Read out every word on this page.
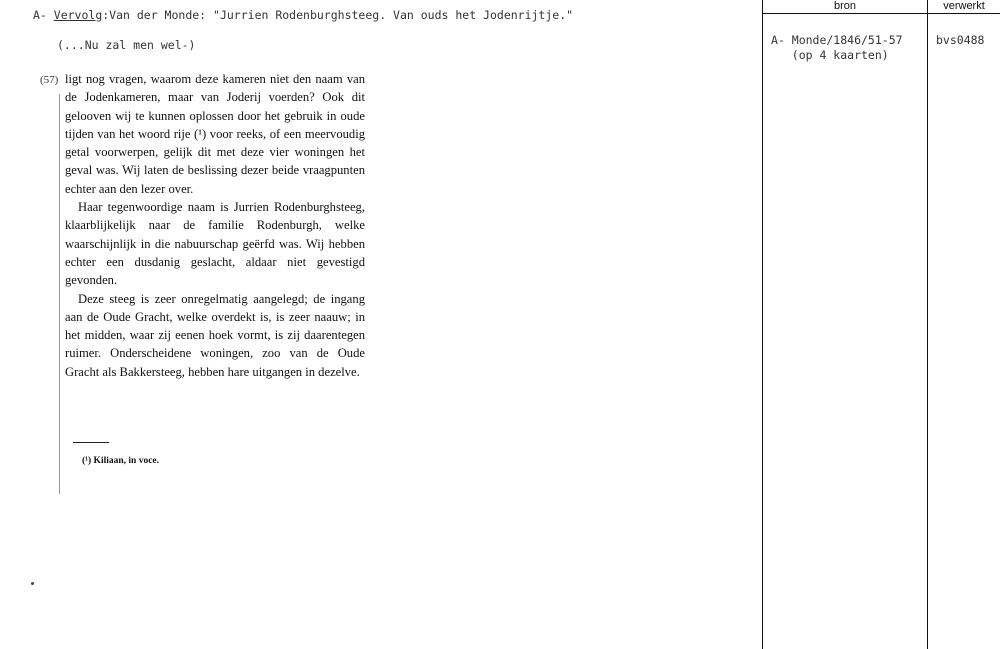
A- Vervolg:Van der Monde: "Jurrien Rodenburghsteeg. Van ouds het Jodenrijtje."
(...Nu zal men wel-)
(57) ligt nog vragen, waarom deze kameren niet den naam van de Jodenkameren, maar van Joderij voerden? Ook dit gelooven wij te kunnen oplossen door het gebruik in oude tijden van het woord rije (¹) voor reeks, of een meervoudig getal voorwerpen, gelijk dit met deze vier woningen het geval was. Wij laten de beslissing dezer beide vraagpunten echter aan den lezer over.

Haar tegenwoordige naam is Jurrien Rodenburghsteeg, klaarblijkelijk naar de familie Rodenburgh, welke waarschijnlijk in die nabuurschap geërfd was. Wij hebben echter een dusdanig geslacht, aldaar niet gevestigd gevonden.

Deze steeg is zeer onregelmatig aangelegd; de ingang aan de Oude Gracht, welke overdekt is, is zeer naauw; in het midden, waar zij eenen hoek vormt, is zij daarentegen ruimer. Onderscheidene woningen, zoo van de Oude Gracht als Bakkersteeg, hebben hare uitgangen in dezelve.

(¹) Kiliaan, in voce.
bron	verwerkt
A- Monde/1846/51-57
(op 4 kaarten)
bvs0488
